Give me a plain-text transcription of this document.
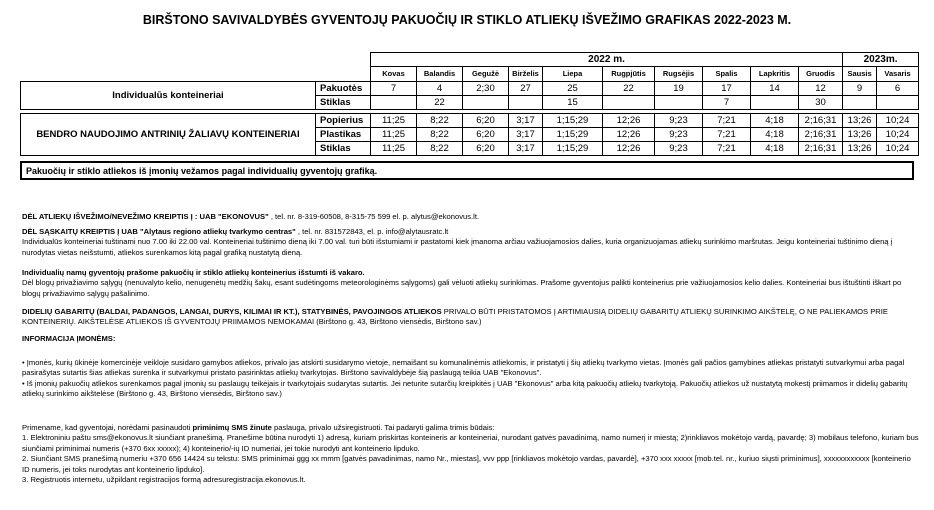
BIRŠTONO SAVIVALDYBĖS GYVENTOJŲ PAKUOČIŲ IR STIKLO ATLIEKŲ IŠVEŽIMO GRAFIKAS 2022-2023 M.
		2022 m.										2023m.	
		Kovas	Balandis	Gegužė	Birželis	Liepa	Rugpjūtis	Rugsėjis	Spalis	Lapkritis	Gruodis	Sausis	Vasaris
Individualūs konteineriai	Pakuotės	7	4	2;30	27	25	22	19	17	14	12	9	6
	Stiklas		22			15			7		30		

BENDRO NAUDOJIMO ANTRINIŲ ŽALIAVŲ KONTEINERIAI	Popierius	11;25	8;22	6;20	3;17	1;15;29	12;26	9;23	7;21	4;18	2;16;31	13;26	10;24
	Plastikas	11;25	8;22	6;20	3;17	1;15;29	12;26	9;23	7;21	4;18	2;16;31	13;26	10;24
	Stiklas	11;25	8;22	6;20	3;17	1;15;29	12;26	9;23	7;21	4;18	2;16;31	13;26	10;24
Pakuočių ir stiklo atliekos iš įmonių vežamos pagal individualių gyventojų grafiką.

DĖL ATLIEKŲ IŠVEŽIMO/NEVEŽIMO KREIPTIS Į : UAB "EKONOVUS" , tel. nr. 8-319-60508, 8-315-75 599 el. p. alytus@ekonovus.lt.

DĖL SĄSKAITŲ KREIPTIS Į UAB "Alytaus regiono atliekų tvarkymo centras" , tel. nr. 831572843, el. p. info@alytausratc.lt

Individualūs konteineriai tuštinami nuo 7.00 iki 22.00 val. Konteineriai tuštinimo dieną iki 7.00 val. turi būti išstumiami ir pastatomi kiek įmanoma arčiau važiuojamosios dalies, kuria organizuojamas atliekų surinkimo maršrutas. Jeigu konteineriai tuštinimo dieną į nurodytas vietas neišstumti, atliekos surenkamos kitą pagal grafiką nustatytą dieną.

Individualių namų gyventojų prašome pakuočių ir stiklo atliekų konteinerius išstumti iš vakaro.

Dėl blogų privažiavimo sąlygų (nenuvalyto kelio, nenugenėtų medžių šakų, esant sudėtingoms meteorologinėms sąlygoms) gali vėluoti atliekų surinkimas. Prašome gyventojus palikti konteinerius prie važiuojamosios kelio dalies. Konteineriai bus ištuštinti iškart po blogų privažiavimo sąlygų pašalinimo.

DIDELIŲ GABARITŲ (BALDAI, PADANGOS, LANGAI, DURYS, KILIMAI IR KT.), STATYBINĖS, PAVOJINGOS ATLIEKOS PRIVALO BŪTI PRISTATOMOS Į ARTIMIAUSIĄ DIDELIŲ GABARITŲ ATLIEKŲ SURINKIMO AIKŠTELĘ, O NE PALIEKAMOS PRIE KONTEINERIŲ. AIKŠTELĖSE ATLIEKOS IŠ GYVENTOJŲ PRIIMAMOS NEMOKAMAI (Birštono g. 43, Birštono viensėdis, Birštono sav.)

INFORMACIJA ĮMONĖMS:

• Įmonės, kurių ūkinėje komercinėje veikloje susidaro gamybos atliekos, privalo jas atskirti susidarymo vietoje, nemaišant su komunalinėmis atliekomis, ir pristatyti į šių atliekų tvarkymo vietas. Įmonės gali pačios gamybines atliekas pristatyti sutvarkymui arba pagal pasirašytas sutartis šias atliekas surenka ir sutvarkymui pristato pasirinktas atliekų tvarkytojas. Birštono savivaldybėje šią paslaugą teikia UAB "Ekonovus".

• Iš įmonių pakuočių atliekos surenkamos pagal įmonių su paslaugų teikėjais ir tvarkytojais sudarytas sutartis. Jei neturite sutarčių kreipkitės į UAB "Ekonovus" arba kitą pakuočių atliekų tvarkytoją. Pakuočių atliekos už nustatytą mokestį priimamos ir didelių gabaritų atliekų surinkimo aikštelėse (Birštono g. 43, Birštono viensėdis, Birštono sav.)

Primename, kad gyventojai, norėdami pasinaudoti priminimų SMS žinute paslauga, privalo užsiregistruoti. Tai padaryti galima trimis būdais:

1. Elektroniniu paštu sms@ekonovus.lt siunčiant pranešimą. Pranešime būtina nurodyti 1) adresą, kuriam priskirtas konteineris ar konteineriai, nurodant gatvės pavadinimą, namo numerį ir miestą; 2)rinkliavos mokėtojo vardą, pavardę; 3) mobilaus telefono, kuriam bus siunčiami priminimai numeris (+370 6xx xxxxx); 4) konteinerio/-ių ID numeriai, jei tokie nurodyti ant konteinerio lipduko.

2. Siunčiant SMS pranešimą numeriu +370 656 14424 su tekstu: SMS priminimai ggg xx mmm [gatvės pavadinimas, namo Nr., miestas], vvv ppp [rinkliavos mokėtojo vardas, pavardė], +370 xxx xxxxx [mob.tel. nr., kuriuo siųsti priminimus], xxxxxxxxxxxx [konteinerio ID numeris, jei toks nurodytas ant konteinerio lipduko].

3. Registruotis internetu, užpildant registracijos formą adresuregistracija.ekonovus.lt.
